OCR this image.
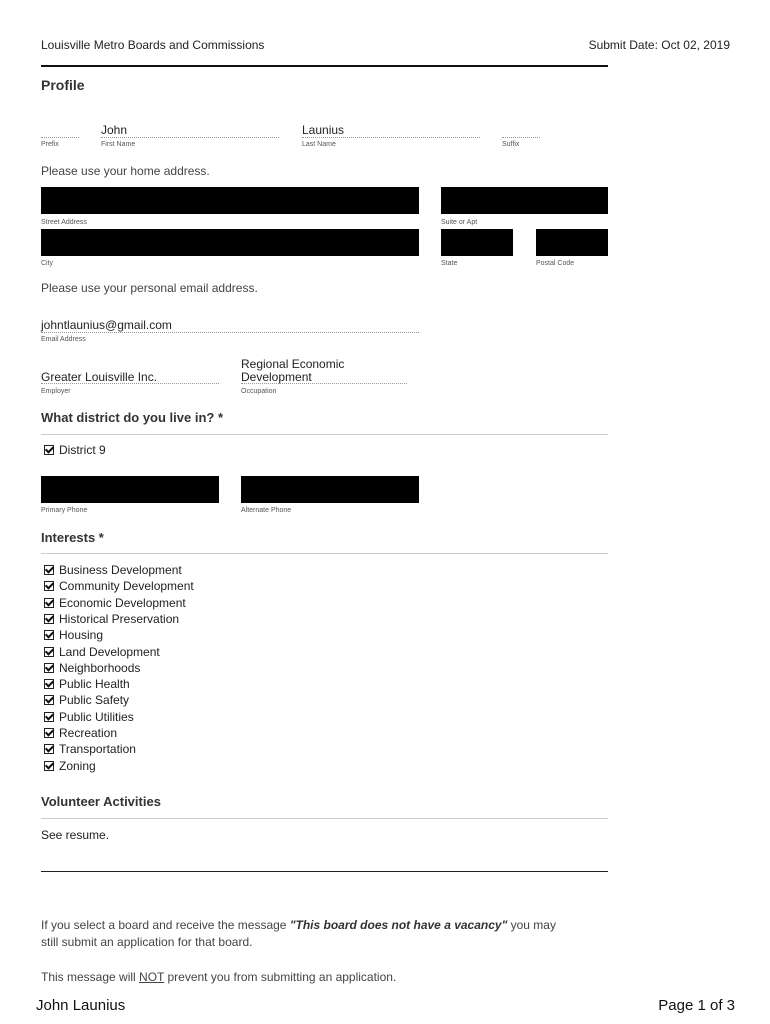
Louisville Metro Boards and Commissions	Submit Date: Oct 02, 2019
Profile
Prefix
John
First Name
Launius
Last Name	Suffix
Please use your home address.
Street Address	Suite or Apt
City	State	Postal Code
Please use your personal email address.
johntlaunius@gmail.com
Email Address
Greater Louisville Inc.
Employer
Regional Economic
Development
Occupation
What district do you live in? *
District 9
Primary Phone	Alternate Phone
Interests *
Business Development
Community Development
Economic Development
Historical Preservation
Housing
Land Development
Neighborhoods
Public Health
Public Safety
Public Utilities
Recreation
Transportation
Zoning
Volunteer Activities
See resume.
If you select a board and receive the message "This board does not have a vacancy" you may
still submit an application for that board.
This message will NOT prevent you from submitting an application.
John Launius	Page 1 of 3
